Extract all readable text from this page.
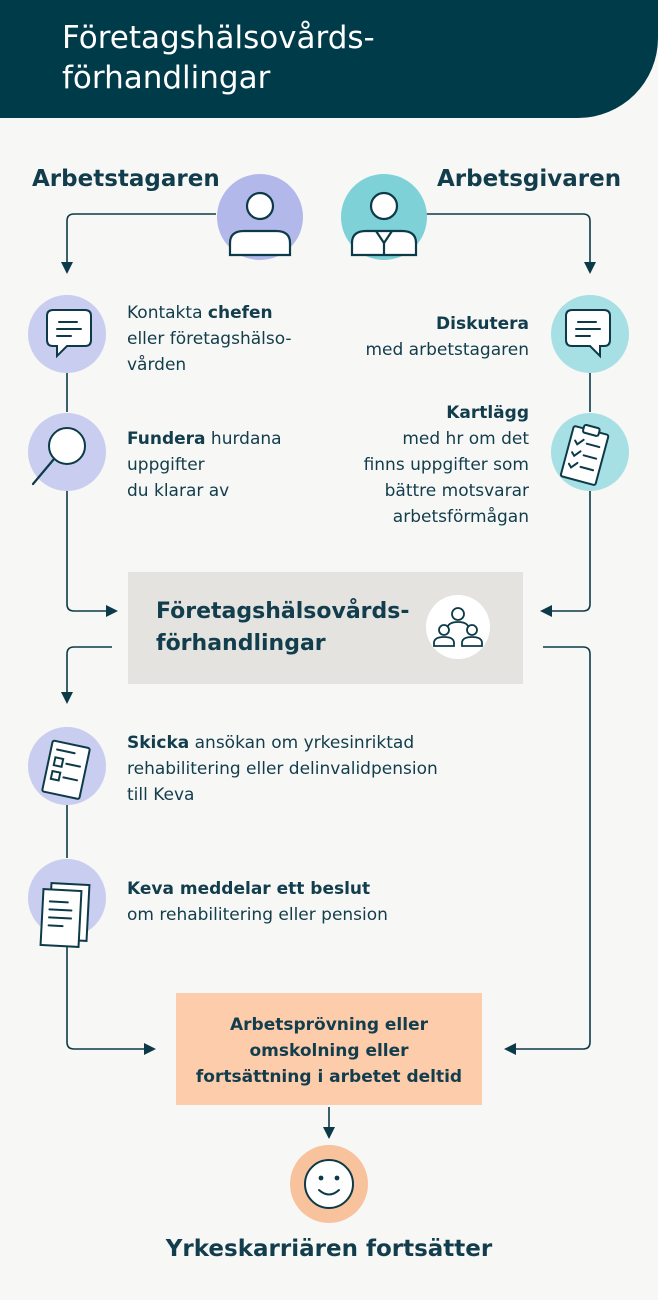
Företagshälsovårds-
förhandlingar
Arbetstagaren	Arbetsgivaren
Kontakta chefen
eller företagshälso-
vården
Fundera hurdana
uppgifter
du klarar av
Diskutera
med arbetstagaren
Kartlägg
med hr om det
finns uppgifter som
bättre motsvarar
arbetsförmågan
Företagshälsovårds-
förhandlingar
Skicka ansökan om yrkesinriktad
rehabilitering eller delinvalidpension
till Keva
Keva meddelar ett beslut
om rehabilitering eller pension
Arbetsprövning eller
omskolning eller
fortsättning i arbetet deltid
Yrkeskarriären fortsätter
